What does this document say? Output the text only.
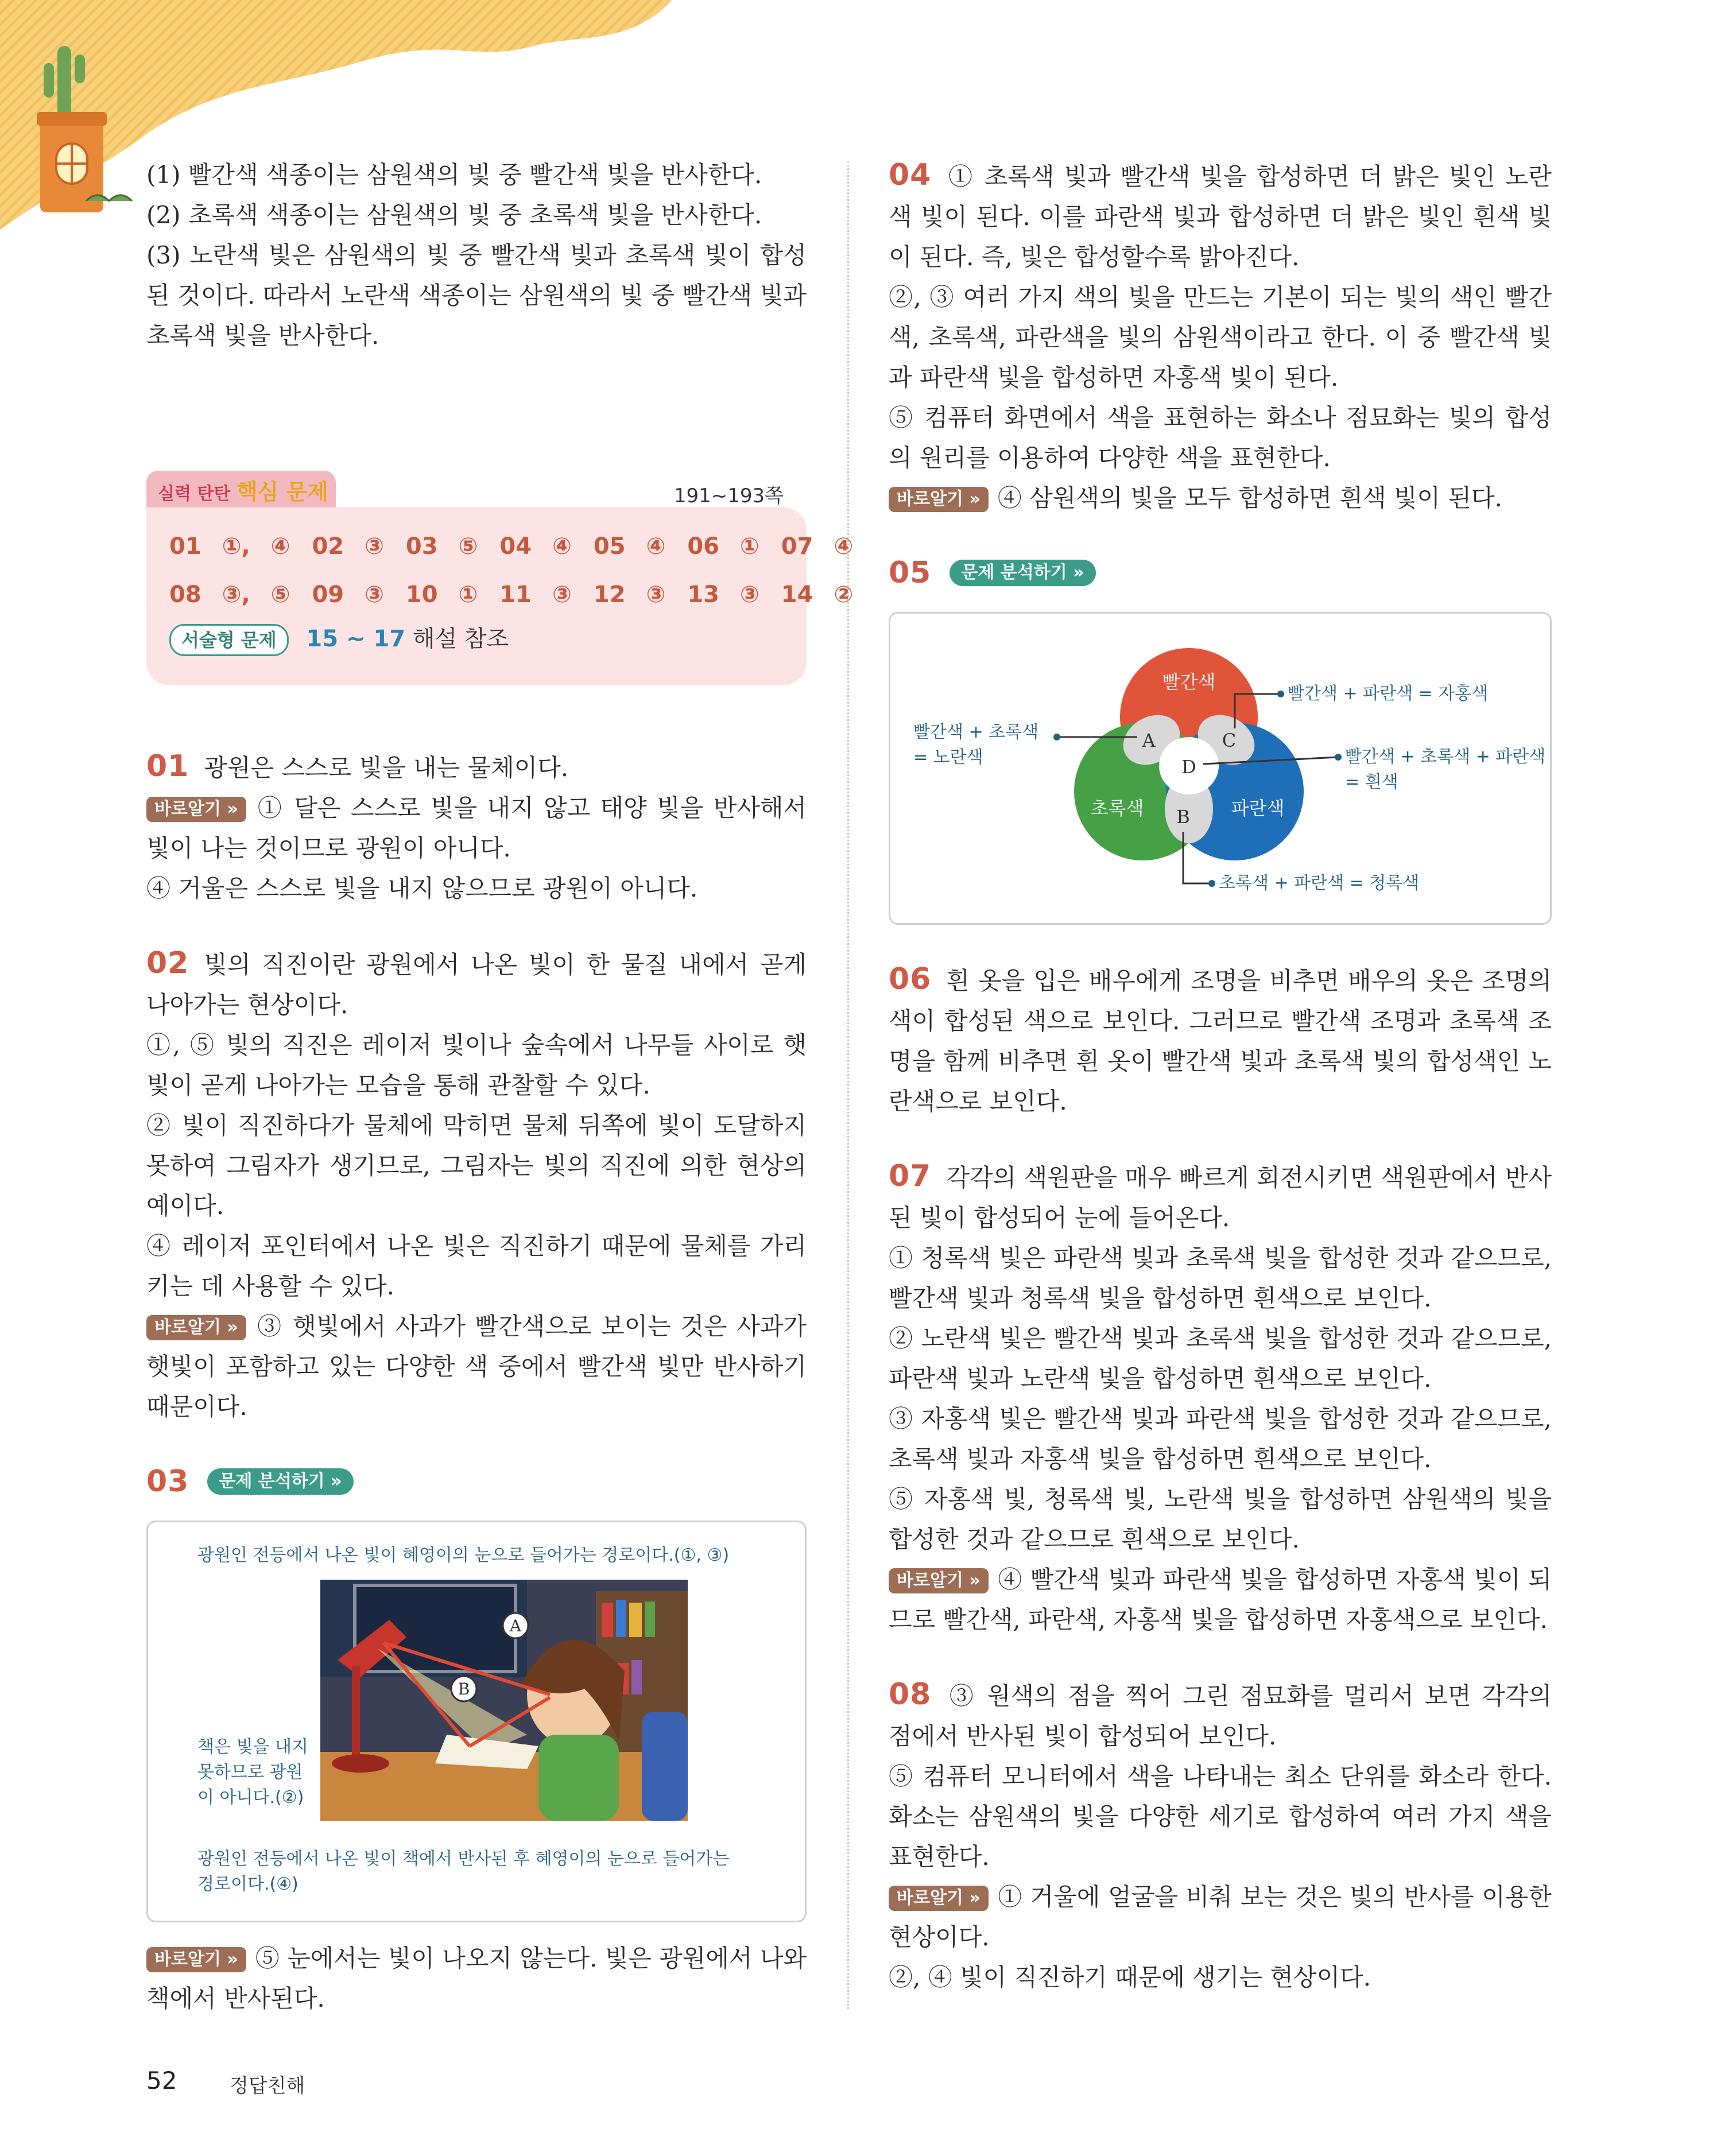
(1) 빨간색 색종이는 삼원색의 빛 중 빨간색 빛을 반사한다.

(2) 초록색 색종이는 삼원색의 빛 중 초록색 빛을 반사한다.

(3) 노란색 빛은 삼원색의 빛 중 빨간색 빛과 초록색 빛이 합성된 것이다. 따라서 노란색 색종이는 삼원색의 빛 중 빨간색 빛과 초록색 빛을 반사한다.

실력 탄탄 핵심 문제	191~193쪽
01 ①, ④ 02 ③ 03 ⑤ 04 ④ 05 ④ 06 ① 07 ④
08 ③, ⑤ 09 ③ 10 ① 11 ③ 12 ③ 13 ③ 14 ②
서술형 문제 15 ~ 17 해설 참조

01 광원은 스스로 빛을 내는 물체이다.

바로알기 » ① 달은 스스로 빛을 내지 않고 태양 빛을 반사해서 빛이 나는 것이므로 광원이 아니다.

④ 거울은 스스로 빛을 내지 않으므로 광원이 아니다.

02 빛의 직진이란 광원에서 나온 빛이 한 물질 내에서 곧게 나아가는 현상이다.

①, ⑤ 빛의 직진은 레이저 빛이나 숲속에서 나무들 사이로 햇빛이 곧게 나아가는 모습을 통해 관찰할 수 있다.

② 빛이 직진하다가 물체에 막히면 물체 뒤쪽에 빛이 도달하지 못하여 그림자가 생기므로, 그림자는 빛의 직진에 의한 현상의 예이다.

④ 레이저 포인터에서 나온 빛은 직진하기 때문에 물체를 가리키는 데 사용할 수 있다.

바로알기 » ③ 햇빛에서 사과가 빨간색으로 보이는 것은 사과가 햇빛이 포함하고 있는 다양한 색 중에서 빨간색 빛만 반사하기 때문이다.

03 문제 분석하기 »

광원인 전등에서 나온 빛이 혜영이의 눈으로 들어가는 경로이다.(①, ③)
A
B
책은 빛을 내지
못하므로 광원
이 아니다.(②)
광원인 전등에서 나온 빛이 책에서 반사된 후 혜영이의 눈으로 들어가는
경로이다.(④)

바로알기 » ⑤ 눈에서는 빛이 나오지 않는다. 빛은 광원에서 나와 책에서 반사된다.

04 ① 초록색 빛과 빨간색 빛을 합성하면 더 밝은 빛인 노란색 빛이 된다. 이를 파란색 빛과 합성하면 더 밝은 빛인 흰색 빛이 된다. 즉, 빛은 합성할수록 밝아진다.

②, ③ 여러 가지 색의 빛을 만드는 기본이 되는 빛의 색인 빨간색, 초록색, 파란색을 빛의 삼원색이라고 한다. 이 중 빨간색 빛과 파란색 빛을 합성하면 자홍색 빛이 된다.

⑤ 컴퓨터 화면에서 색을 표현하는 화소나 점묘화는 빛의 합성의 원리를 이용하여 다양한 색을 표현한다.

바로알기 » ④ 삼원색의 빛을 모두 합성하면 흰색 빛이 된다.

05 문제 분석하기 »

빨간색
초록색	파란색
A	C
D
B
빨간색 + 초록색
= 노란색
빨간색 + 파란색 = 자홍색
빨간색 + 초록색 + 파란색
= 흰색
초록색 + 파란색 = 청록색

06 흰 옷을 입은 배우에게 조명을 비추면 배우의 옷은 조명의 색이 합성된 색으로 보인다. 그러므로 빨간색 조명과 초록색 조명을 함께 비추면 흰 옷이 빨간색 빛과 초록색 빛의 합성색인 노란색으로 보인다.

07 각각의 색원판을 매우 빠르게 회전시키면 색원판에서 반사된 빛이 합성되어 눈에 들어온다.

① 청록색 빛은 파란색 빛과 초록색 빛을 합성한 것과 같으므로, 빨간색 빛과 청록색 빛을 합성하면 흰색으로 보인다.

② 노란색 빛은 빨간색 빛과 초록색 빛을 합성한 것과 같으므로, 파란색 빛과 노란색 빛을 합성하면 흰색으로 보인다.

③ 자홍색 빛은 빨간색 빛과 파란색 빛을 합성한 것과 같으므로, 초록색 빛과 자홍색 빛을 합성하면 흰색으로 보인다.

⑤ 자홍색 빛, 청록색 빛, 노란색 빛을 합성하면 삼원색의 빛을 합성한 것과 같으므로 흰색으로 보인다.

바로알기 » ④ 빨간색 빛과 파란색 빛을 합성하면 자홍색 빛이 되므로 빨간색, 파란색, 자홍색 빛을 합성하면 자홍색으로 보인다.

08 ③ 원색의 점을 찍어 그린 점묘화를 멀리서 보면 각각의 점에서 반사된 빛이 합성되어 보인다.

⑤ 컴퓨터 모니터에서 색을 나타내는 최소 단위를 화소라 한다. 화소는 삼원색의 빛을 다양한 세기로 합성하여 여러 가지 색을 표현한다.

바로알기 » ① 거울에 얼굴을 비춰 보는 것은 빛의 반사를 이용한 현상이다.

②, ④ 빛이 직진하기 때문에 생기는 현상이다.

52	정답친해
